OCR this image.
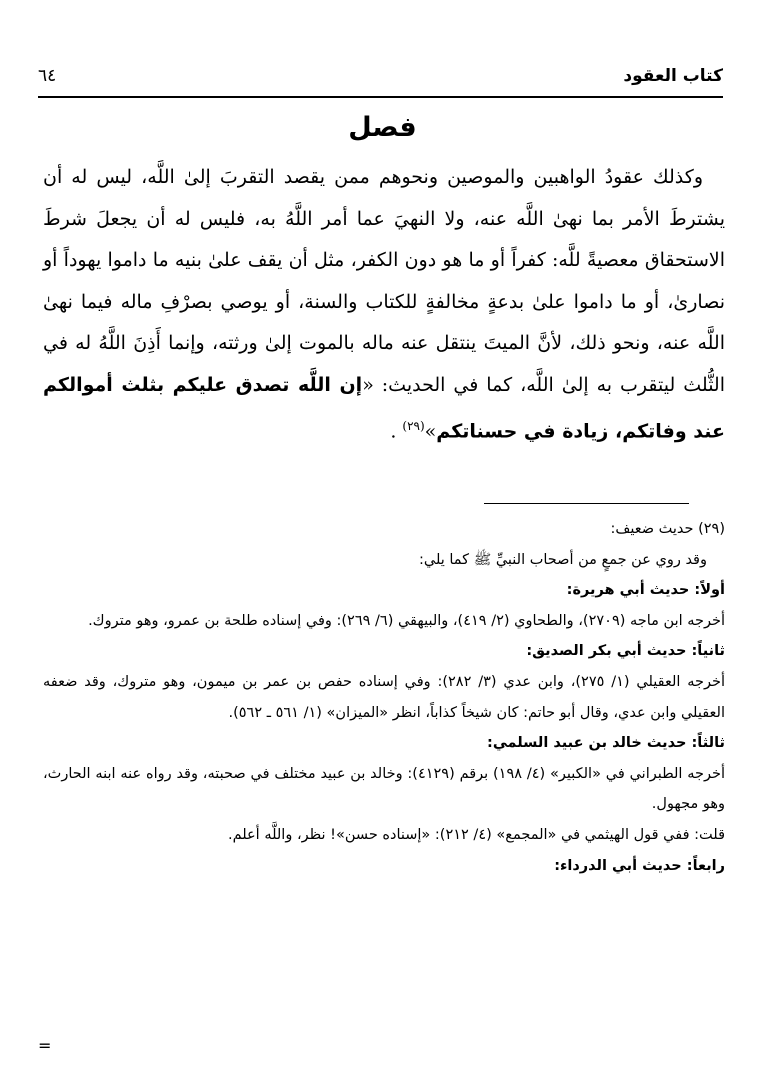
كتاب العقود
٦٤
فصل

وكذلك عقودُ الواهبين والموصين ونحوهم ممن يقصد التقربَ إلىٰ اللَّه، ليس له أن يشترطَ الأمر بما نهىٰ اللَّه عنه، ولا النهيَ عما أمر اللَّهُ به، فليس له أن يجعلَ شرطَ الاستحقاق معصيةً للَّه: كفراً أو ما هو دون الكفر، مثل أن يقف علىٰ بنيه ما داموا يهوداً أو نصارىٰ، أو ما داموا علىٰ بدعةٍ مخالفةٍ للكتاب والسنة، أو يوصي بصرْفِ ماله فيما نهىٰ اللَّه عنه، ونحو ذلك، لأنَّ الميتَ ينتقل عنه ماله بالموت إلىٰ ورثته، وإنما أَذِنَ اللَّهُ له في الثُّلث ليتقرب به إلىٰ اللَّه، كما في الحديث: «إن اللَّه تصدق عليكم بثلث أموالكم عند وفاتكم، زيادة في حسناتكم»$^{(٢٩)}$ .

(٢٩) حديث ضعيف:

وقد روي عن جمعٍ من أصحاب النبيِّ ﷺ كما يلي:

أولاً: حديث أبي هريرة:

أخرجه ابن ماجه (٢٧٠٩)، والطحاوي (٢/ ٤١٩)، والبيهقي (٦/ ٢٦٩): وفي إسناده طلحة بن عمرو، وهو متروك.

ثانياً: حديث أبي بكر الصديق:

أخرجه العقيلي (١/ ٢٧٥)، وابن عدي (٣/ ٢٨٢): وفي إسناده حفص بن عمر بن ميمون، وهو متروك، وقد ضعفه العقيلي وابن عدي، وقال أبو حاتم: كان شيخاً كذاباً، انظر «الميزان» (١/ ٥٦١ ـ ٥٦٢).

ثالثاً: حديث خالد بن عبيد السلمي:

أخرجه الطبراني في «الكبير» (٤/ ١٩٨) برقم (٤١٢٩): وخالد بن عبيد مختلف في صحبته، وقد رواه عنه ابنه الحارث، وهو مجهول.

قلت: ففي قول الهيثمي في «المجمع» (٤/ ٢١٢): «إسناده حسن»! نظر، واللَّه أعلم.

رابعاً: حديث أبي الدرداء:

=
